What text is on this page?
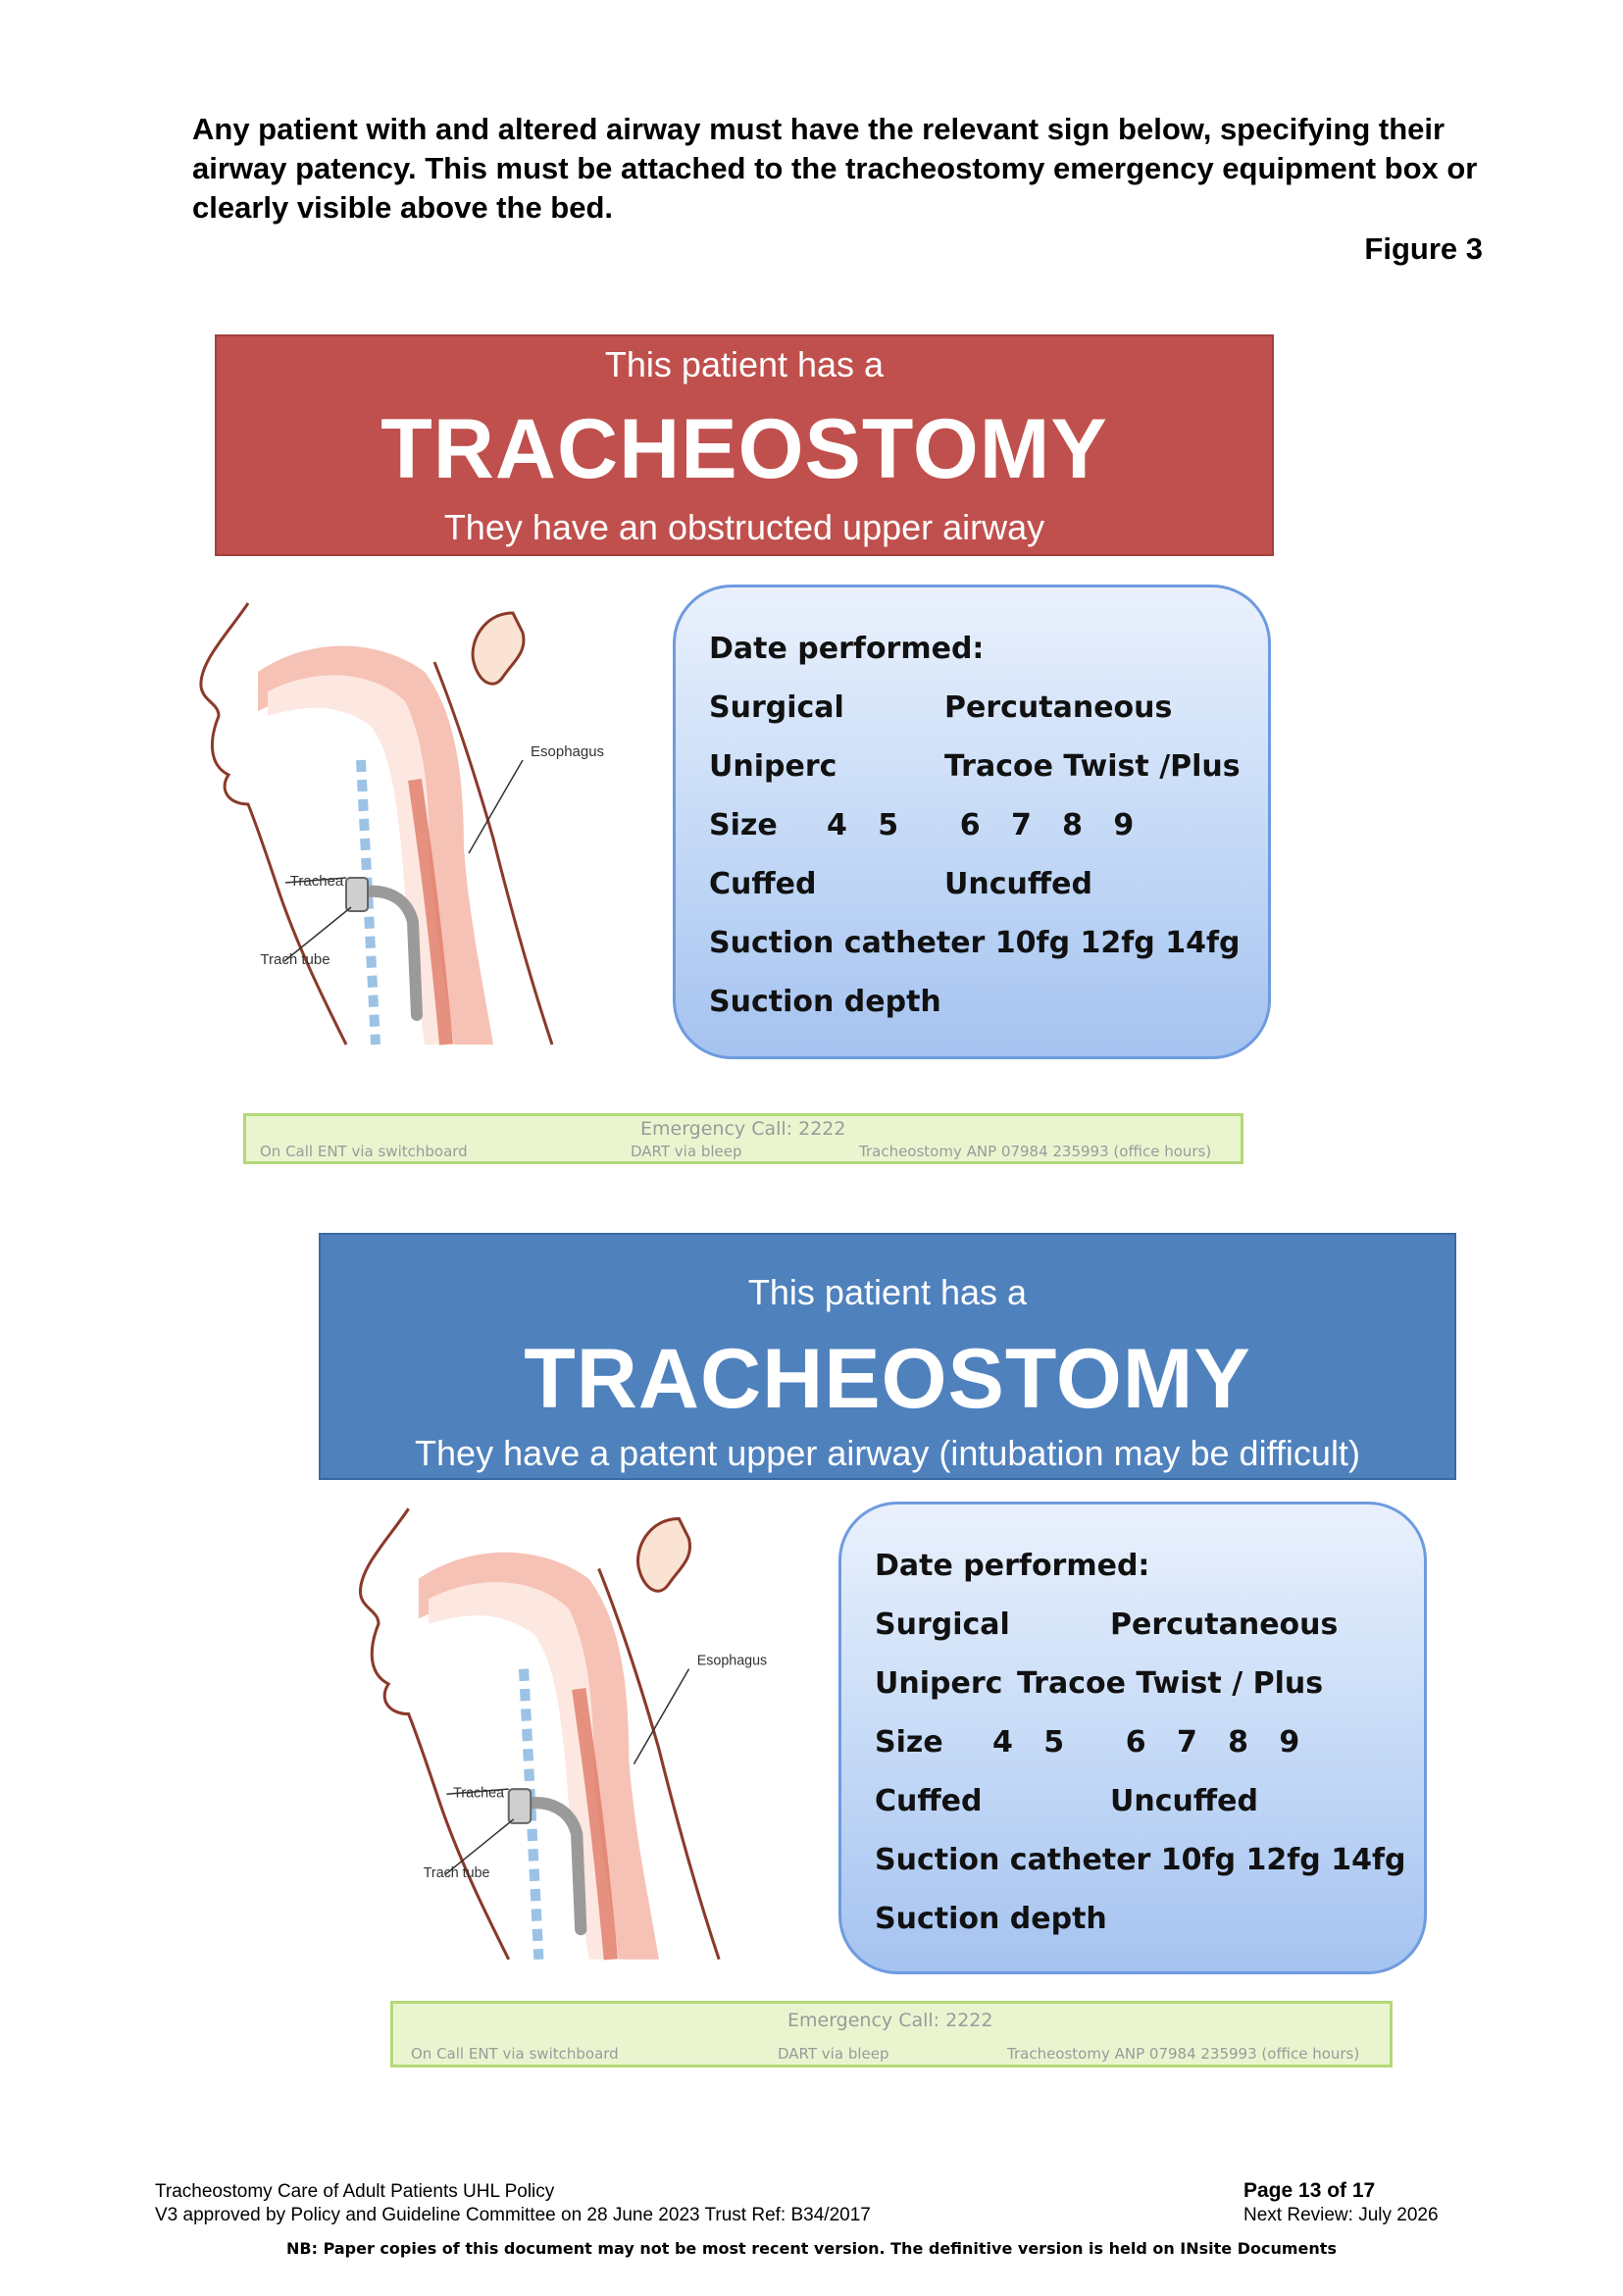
Any patient with and altered airway must have the relevant sign below, specifying their airway patency. This must be attached to the tracheostomy emergency equipment box or clearly visible above the bed.
Figure 3
This patient has a
TRACHEOSTOMY
They have an obstructed upper airway
Esophagus
Trachea
Trach tube
Date performed:
Surgical	Percutaneous
Uniperc	Tracoe Twist /Plus
Size 4   5      6   7   8   9
Cuffed	Uncuffed
Suction catheter 10fg 12fg 14fg
Suction depth
Emergency Call: 2222
On Call ENT via switchboard	DART via bleep	Tracheostomy ANP 07984 235993 (office hours)
This patient has a
TRACHEOSTOMY
They have a patent upper airway (intubation may be difficult)
Esophagus
Trachea
Trach tube
Date performed:
Surgical	Percutaneous
Uniperc Tracoe Twist / Plus
Size 4   5      6   7   8   9
Cuffed	Uncuffed
Suction catheter 10fg 12fg 14fg
Suction depth
Emergency Call: 2222
On Call ENT via switchboard	DART via bleep	Tracheostomy ANP 07984 235993 (office hours)
Tracheostomy Care of Adult Patients UHL Policy
V3 approved by Policy and Guideline Committee on 28 June 2023 Trust Ref: B34/2017
Page 13 of 17
Next Review: July 2026
NB: Paper copies of this document may not be most recent version. The definitive version is held on INsite Documents
